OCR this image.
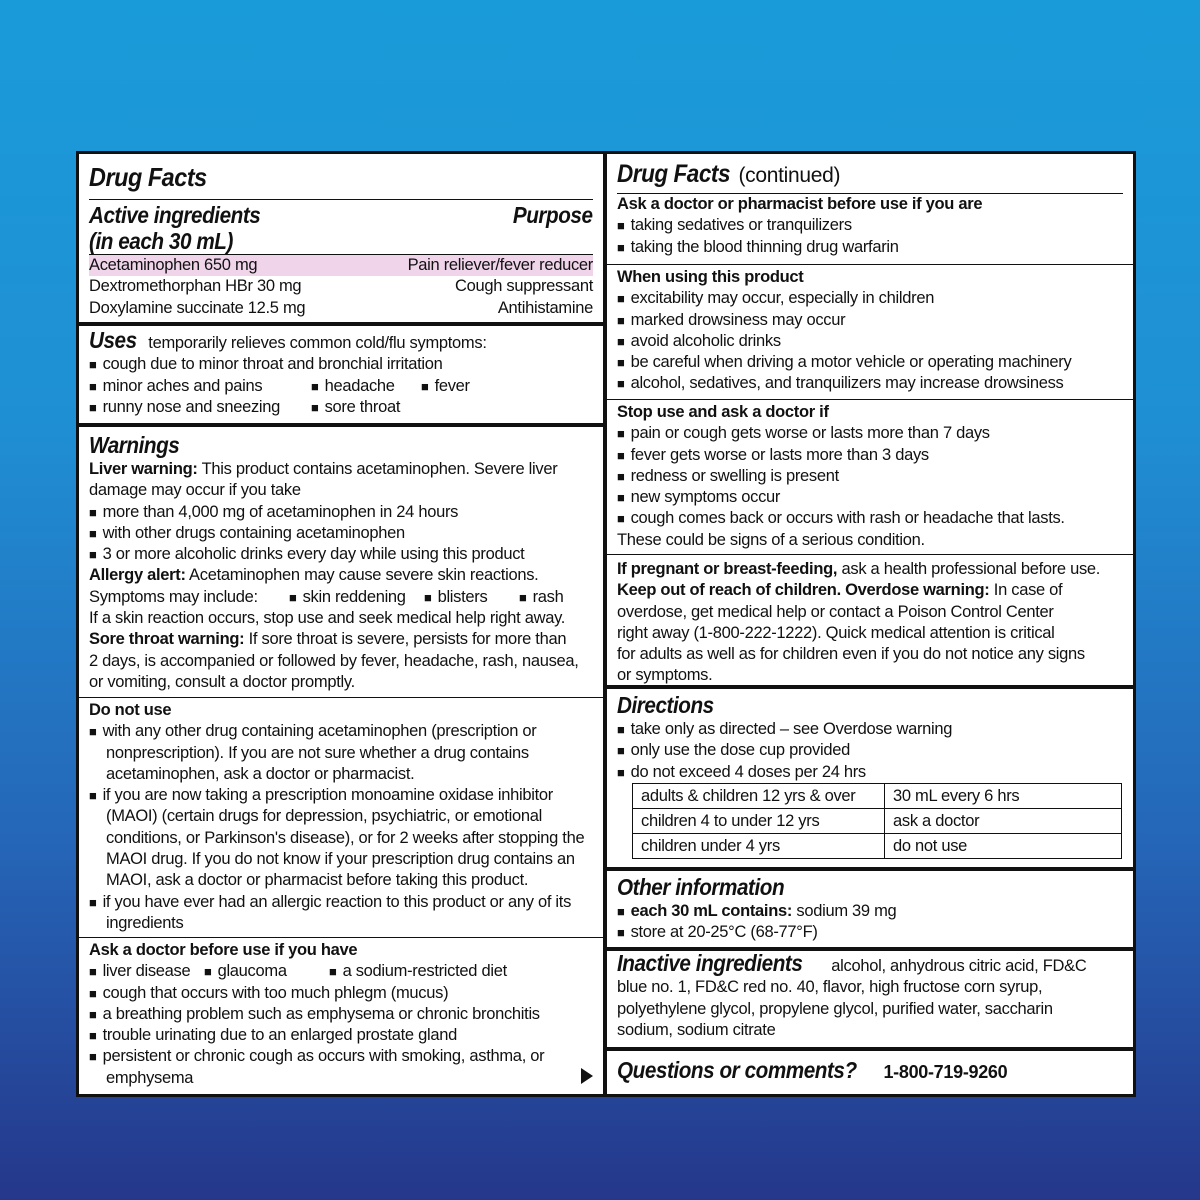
Drug Facts
Active ingredients	Purpose
(in each 30 mL)
Acetaminophen 650 mg	Pain reliever/fever reducer
Dextromethorphan HBr 30 mg	Cough suppressant
Doxylamine succinate 12.5 mg	Antihistamine
Uses temporarily relieves common cold/flu symptoms:
■ cough due to minor throat and bronchial irritation
■ minor aches and pains	■ headache	■ fever
■ runny nose and sneezing	■ sore throat
Warnings
Liver warning: This product contains acetaminophen. Severe liver
damage may occur if you take
■ more than 4,000 mg of acetaminophen in 24 hours
■ with other drugs containing acetaminophen
■ 3 or more alcoholic drinks every day while using this product
Allergy alert: Acetaminophen may cause severe skin reactions.
Symptoms may include:	■ skin reddening	■ blisters	■ rash
If a skin reaction occurs, stop use and seek medical help right away.
Sore throat warning: If sore throat is severe, persists for more than
2 days, is accompanied or followed by fever, headache, rash, nausea,
or vomiting, consult a doctor promptly.
Do not use
■ with any other drug containing acetaminophen (prescription or nonprescription). If you are not sure whether a drug contains acetaminophen, ask a doctor or pharmacist.
■ if you are now taking a prescription monoamine oxidase inhibitor (MAOI) (certain drugs for depression, psychiatric, or emotional conditions, or Parkinson's disease), or for 2 weeks after stopping the MAOI drug. If you do not know if your prescription drug contains an MAOI, ask a doctor or pharmacist before taking this product.
■ if you have ever had an allergic reaction to this product or any of its ingredients
Ask a doctor before use if you have
■ liver disease	■ glaucoma	■ a sodium-restricted diet
■ cough that occurs with too much phlegm (mucus)
■ a breathing problem such as emphysema or chronic bronchitis
■ trouble urinating due to an enlarged prostate gland
■ persistent or chronic cough as occurs with smoking, asthma, or emphysema
Drug Facts (continued)
Ask a doctor or pharmacist before use if you are
■ taking sedatives or tranquilizers
■ taking the blood thinning drug warfarin
When using this product
■ excitability may occur, especially in children
■ marked drowsiness may occur
■ avoid alcoholic drinks
■ be careful when driving a motor vehicle or operating machinery
■ alcohol, sedatives, and tranquilizers may increase drowsiness
Stop use and ask a doctor if
■ pain or cough gets worse or lasts more than 7 days
■ fever gets worse or lasts more than 3 days
■ redness or swelling is present
■ new symptoms occur
■ cough comes back or occurs with rash or headache that lasts.
These could be signs of a serious condition.
If pregnant or breast-feeding, ask a health professional before use.
Keep out of reach of children. Overdose warning: In case of
overdose, get medical help or contact a Poison Control Center
right away (1-800-222-1222). Quick medical attention is critical
for adults as well as for children even if you do not notice any signs
or symptoms.
Directions
■ take only as directed – see Overdose warning
■ only use the dose cup provided
■ do not exceed 4 doses per 24 hrs
adults & children 12 yrs & over	30 mL every 6 hrs
children 4 to under 12 yrs	ask a doctor
children under 4 yrs	do not use
Other information
■ each 30 mL contains: sodium 39 mg
■ store at 20-25°C (68-77°F)
Inactive ingredients alcohol, anhydrous citric acid, FD&C
blue no. 1, FD&C red no. 40, flavor, high fructose corn syrup,
polyethylene glycol, propylene glycol, purified water, saccharin
sodium, sodium citrate
Questions or comments? 1-800-719-9260
